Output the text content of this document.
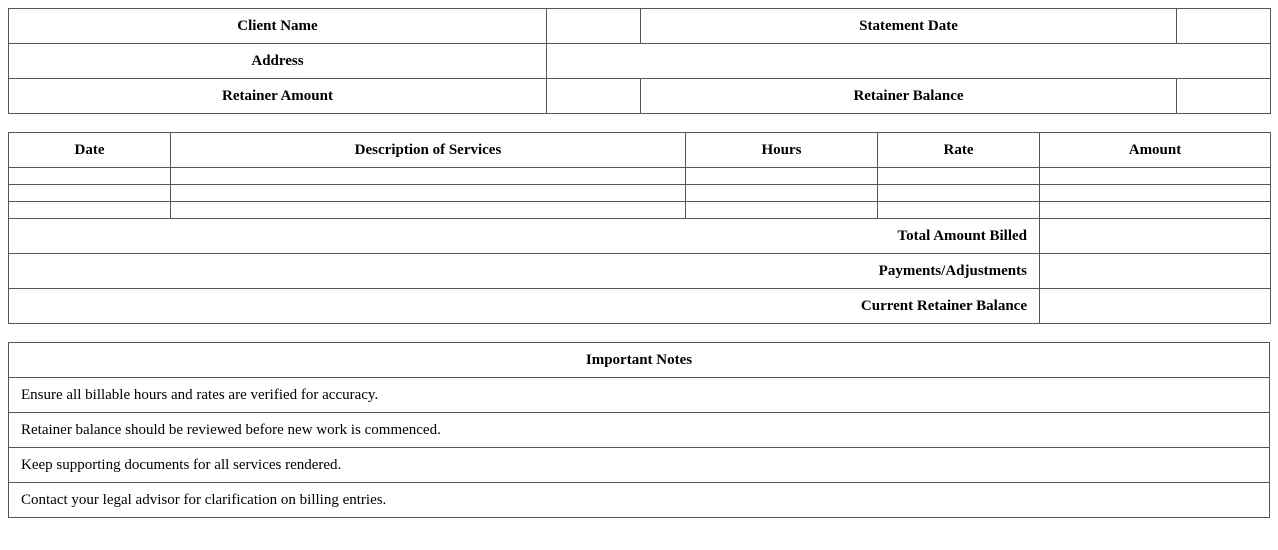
Client Name		Statement Date	
Address			
Retainer Amount		Retainer Balance	
Date	Description of Services	Hours	Rate	Amount

Total Amount Billed				
Payments/Adjustments				
Current Retainer Balance				
Important Notes
Ensure all billable hours and rates are verified for accuracy.
Retainer balance should be reviewed before new work is commenced.
Keep supporting documents for all services rendered.
Contact your legal advisor for clarification on billing entries.
